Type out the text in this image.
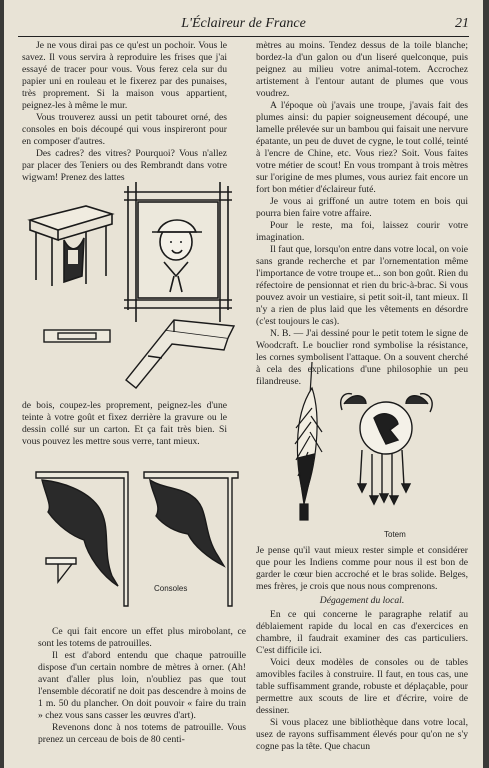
L'Éclaireur de France	21

Je ne vous dirai pas ce qu'est un pochoir. Vous le savez. Il vous servira à reproduire les frises que j'ai essayé de tracer pour vous. Vous ferez cela sur du papier uni en rouleau et le fixerez par des punaises, très proprement. Si la maison vous appartient, peignez-les à même le mur.

Vous trouverez aussi un petit tabouret orné, des consoles en bois découpé qui vous inspireront pour en composer d'autres.

Des cadres? des vitres? Pourquoi? Vous n'allez par placer des Teniers ou des Rembrandt dans votre wigwam! Prenez des lattes

mètres au moins. Tendez dessus de la toile blanche; bordez-la d'un galon ou d'un liseré quelconque, puis peignez au milieu votre animal-totem. Accrochez artistement à l'entour autant de plumes que vous voudrez.

A l'époque où j'avais une troupe, j'avais fait des plumes ainsi: du papier soigneusement découpé, une lamelle prélevée sur un bambou qui faisait une nervure épatante, un peu de duvet de cygne, le tout collé, teinté à l'encre de Chine, etc. Vous riez? Soit. Vous faites votre métier de scout! En vous trompant à trois mètres sur l'origine de mes plumes, vous auriez fait encore un fort bon métier d'éclaireur futé.

Je vous ai griffoné un autre totem en bois qui pourra bien faire votre affaire.

Pour le reste, ma foi, laissez courir votre imagination.

Il faut que, lorsqu'on entre dans votre local, on voie sans grande recherche et par l'ornementation même l'importance de votre troupe et... son bon goût. Rien du réfectoire de pensionnat et rien du bric-à-brac. Si vous pouvez avoir un vestiaire, si petit soit-il, tant mieux. Il n'y a rien de plus laid que les vêtements en désordre (c'est toujours le cas).

N. B. — J'ai dessiné pour le petit totem le signe de Woodcraft. Le bouclier rond symbolise la résistance, les cornes symbolisent l'attaque. On a souvent cherché à cela des explications d'une philosophie un peu filandreuse.

de bois, coupez-les proprement, peignez-les d'une teinte à votre goût et fixez derrière la gravure ou le dessin collé sur un carton. Et ça fait très bien. Si vous pouvez les mettre sous verre, tant mieux.

Totem
Consoles

Ce qui fait encore un effet plus mirobolant, ce sont les totems de patrouilles.

Il est d'abord entendu que chaque patrouille dispose d'un certain nombre de mètres à orner. (Ah! avant d'aller plus loin, n'oubliez pas que tout l'ensemble décoratif ne doit pas descendre à moins de 1 m. 50 du plancher. On doit pouvoir « faire du train » chez vous sans casser les œuvres d'art).

Revenons donc à nos totems de patrouille. Vous prenez un cerceau de bois de 80 centi-

Je pense qu'il vaut mieux rester simple et considérer que pour les Indiens comme pour nous il est bon de garder le cœur bien accroché et le bras solide. Belges, mes frères, je crois que nous nous comprenons.

Dégagement du local.

En ce qui concerne le paragraphe relatif au déblaiement rapide du local en cas d'exercices en chambre, il faudrait examiner des cas particuliers. C'est difficile ici.

Voici deux modèles de consoles ou de tables amovibles faciles à construire. Il faut, en tous cas, une table suffisamment grande, robuste et déplaçable, pour permettre aux scouts de lire et d'écrire, voire de dessiner.

Si vous placez une bibliothèque dans votre local, usez de rayons suffisamment élevés pour qu'on ne s'y cogne pas la tête. Que chacun
